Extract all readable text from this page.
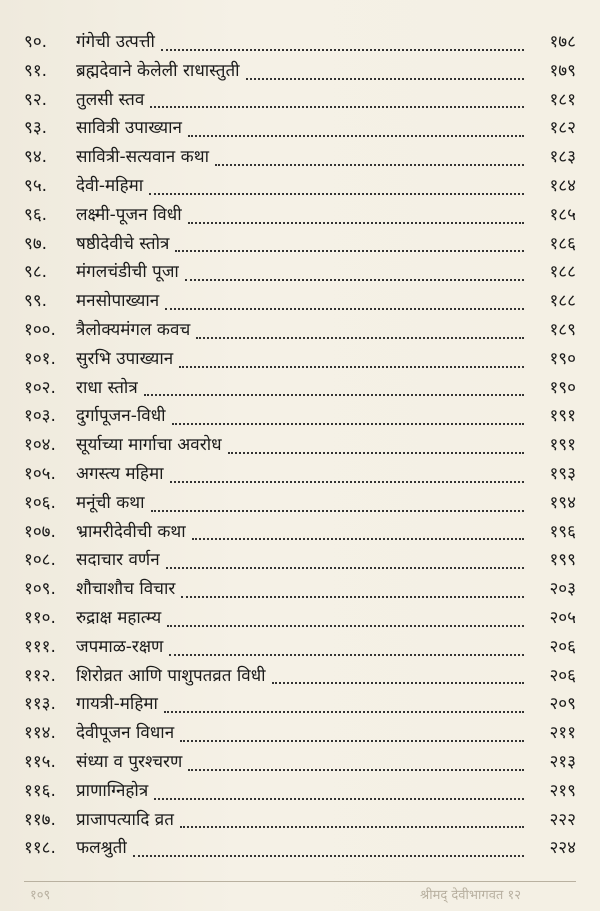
९०.	गंगेची उत्पत्ती	१७८
९१.	ब्रह्मदेवाने केलेली राधास्तुती	१७९
९२.	तुलसी स्तव	१८१
९३.	सावित्री उपाख्यान	१८२
९४.	सावित्री-सत्यवान कथा	१८३
९५.	देवी-महिमा	१८४
९६.	लक्ष्मी-पूजन विधी	१८५
९७.	षष्ठीदेवीचे स्तोत्र	१८६
९८.	मंगलचंडीची पूजा	१८८
९९.	मनसोपाख्यान	१८८
१००.	त्रैलोक्यमंगल कवच	१८९
१०१.	सुरभि उपाख्यान	१९०
१०२.	राधा स्तोत्र	१९०
१०३.	दुर्गापूजन-विधी	१९१
१०४.	सूर्याच्या मार्गाचा अवरोध	१९१
१०५.	अगस्त्य महिमा	१९३
१०६.	मनूंची कथा	१९४
१०७.	भ्रामरीदेवीची कथा	१९६
१०८.	सदाचार वर्णन	१९९
१०९.	शौचाशौच विचार	२०३
११०.	रुद्राक्ष महात्म्य	२०५
१११.	जपमाळ-रक्षण	२०६
११२.	शिरोव्रत आणि पाशुपतव्रत विधी	२०६
११३.	गायत्री-महिमा	२०९
११४.	देवीपूजन विधान	२११
११५.	संध्या व पुरश्चरण	२१३
११६.	प्राणाग्निहोत्र	२१९
११७.	प्राजापत्यादि व्रत	२२२
११८.	फलश्रुती	२२४
१०९	श्रीमद् देवीभागवत १२
